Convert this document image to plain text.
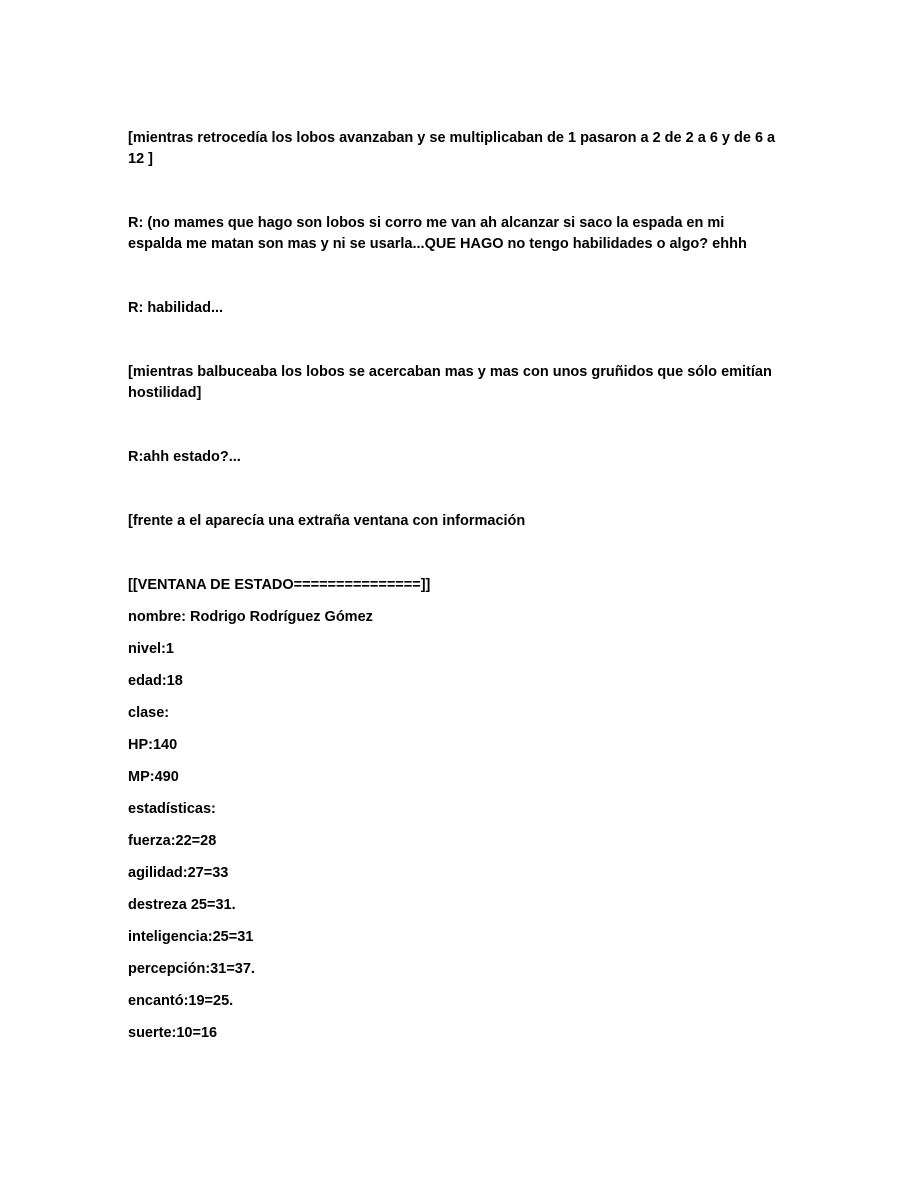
[mientras retrocedía los lobos avanzaban y se multiplicaban de 1 pasaron a 2 de 2 a 6 y de 6 a 12 ]

R: (no mames que hago son lobos si corro me van ah alcanzar si saco la espada en mi espalda me matan son mas y ni se usarla...QUE HAGO no tengo habilidades o algo? ehhh

R: habilidad...

[mientras balbuceaba los lobos se acercaban mas y mas con unos gruñidos que sólo emitían hostilidad]

R:ahh estado?...

[frente a el aparecía una extraña ventana con información

[[VENTANA DE ESTADO===============]]

nombre: Rodrigo Rodríguez Gómez

nivel:1

edad:18

clase:

HP:140

MP:490

estadísticas:

fuerza:22=28

agilidad:27=33

destreza 25=31.

inteligencia:25=31

percepción:31=37.

encantó:19=25.

suerte:10=16
